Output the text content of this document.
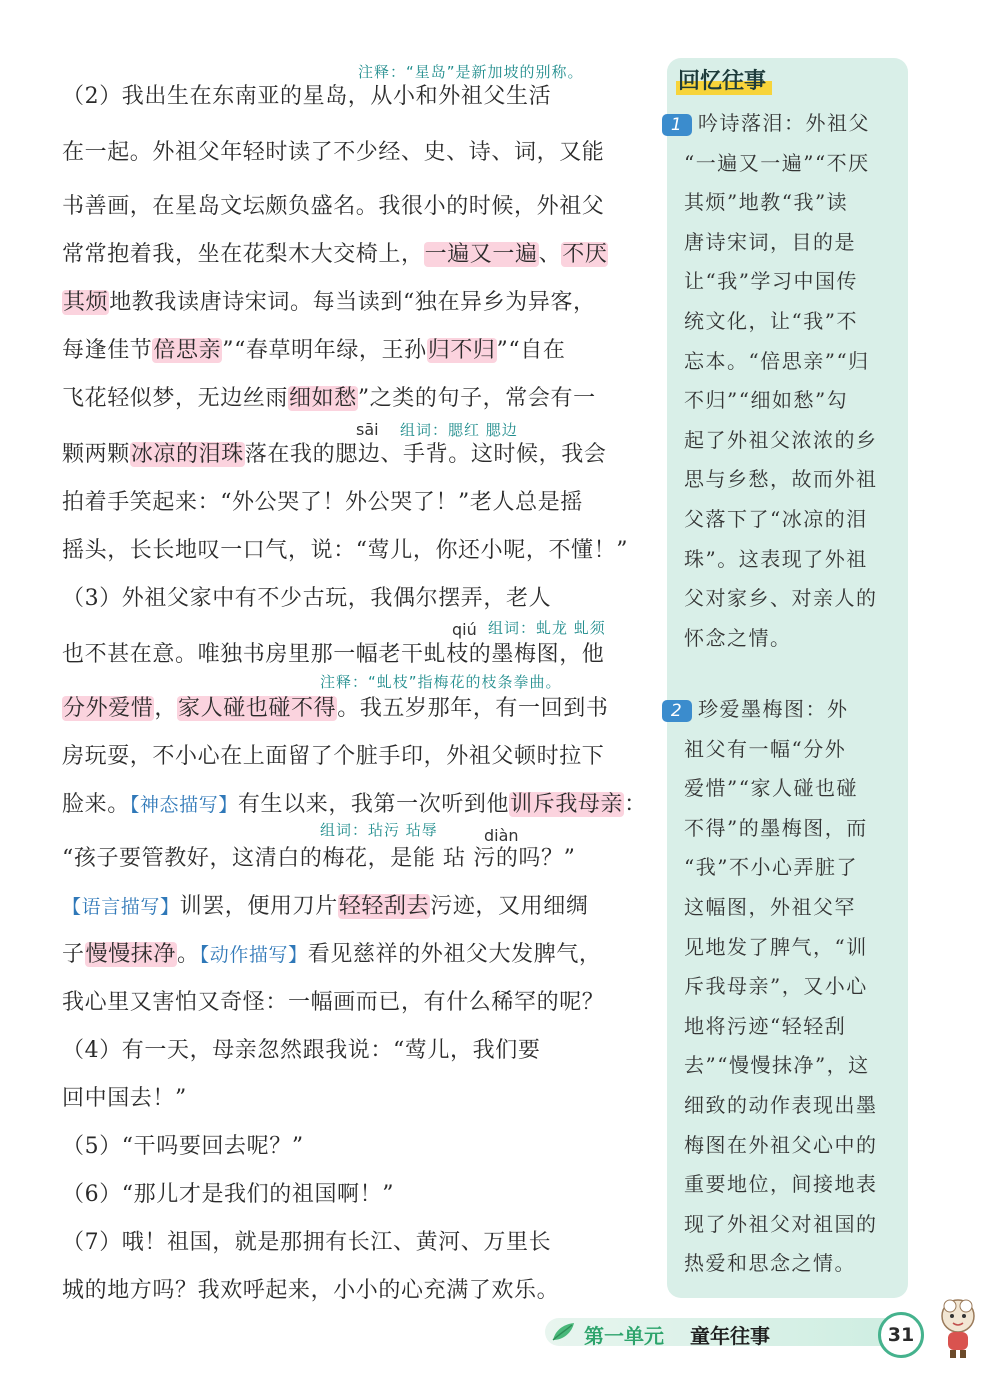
注释：“星岛”是新加坡的别称。
组词：腮红 腮边
组词：虬龙 虬须
注释：“虬枝”指梅花的枝条拳曲。
组词：玷污 玷辱
sāi
qiú
diàn
（2）我出生在东南亚的星岛，从小和外祖父生活
在一起。外祖父年轻时读了不少经、史、诗、词，又能
书善画，在星岛文坛颇负盛名。我很小的时候，外祖父
常常抱着我，坐在花梨木大交椅上，一遍又一遍、不厌
其烦地教我读唐诗宋词。每当读到“独在异乡为异客，
每逢佳节倍思亲”“春草明年绿，王孙归不归”“自在
飞花轻似梦，无边丝雨细如愁”之类的句子，常会有一
颗两颗冰凉的泪珠落在我的腮边、手背。这时候，我会
拍着手笑起来：“外公哭了！外公哭了！”老人总是摇
摇头，长长地叹一口气，说：“莺儿，你还小呢，不懂！”
（3）外祖父家中有不少古玩，我偶尔摆弄，老人
也不甚在意。唯独书房里那一幅老干虬枝的墨梅图，他
分外爱惜，家人碰也碰不得。我五岁那年，有一回到书
房玩耍，不小心在上面留了个脏手印，外祖父顿时拉下
脸来。【神态描写】有生以来，我第一次听到他训斥我母亲：
“孩子要管教好，这清白的梅花，是能 玷 污的吗？”
【语言描写】训罢，便用刀片轻轻刮去污迹，又用细绸
子慢慢抹净。【动作描写】看见慈祥的外祖父大发脾气，
我心里又害怕又奇怪：一幅画而已，有什么稀罕的呢？
（4）有一天，母亲忽然跟我说：“莺儿，我们要
回中国去！”
（5）“干吗要回去呢？”
（6）“那儿才是我们的祖国啊！”
（7）哦！祖国，就是那拥有长江、黄河、万里长
城的地方吗？我欢呼起来，小小的心充满了欢乐。
回忆往事
1 吟诗落泪：外祖父
“一遍又一遍”“不厌
其烦”地教“我”读
唐诗宋词，目的是
让“我”学习中国传
统文化，让“我”不
忘本。“倍思亲”“归
不归”“细如愁”勾
起了外祖父浓浓的乡
思与乡愁，故而外祖
父落下了“冰凉的泪
珠”。这表现了外祖
父对家乡、对亲人的
怀念之情。
2 珍爱墨梅图：外
祖父有一幅“分外
爱惜”“家人碰也碰
不得”的墨梅图，而
“我”不小心弄脏了
这幅图，外祖父罕
见地发了脾气，“训
斥我母亲”，又小心
地将污迹“轻轻刮
去”“慢慢抹净”，这
细致的动作表现出墨
梅图在外祖父心中的
重要地位，间接地表
现了外祖父对祖国的
热爱和思念之情。
第一单元 童年往事	31
